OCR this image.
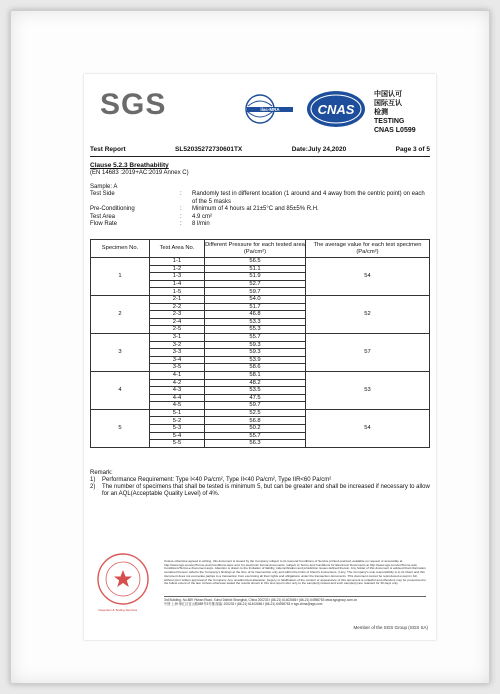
SGS	ilac-MRA	CNAS
中国认可
国际互认
检测
TESTING
CNAS L0599
Test Report	SL52035272730601TX	Date:July 24,2020	Page 3 of 5
Clause 5.2.3 Breathability
(EN 14683 :2019+AC:2019 Annex C)
Sample: A
Test Side	:	Randomly test in different location (1 around and 4 away from the centric point) on each of the 5 masks
Pre-Conditioning	:	Minimum of 4 hours at 21±5°C and 85±5% R.H.
Test Area	:	4.9 cm²
Flow Rate	:	8 l/min
Specimen No.	Test Area No.	Different Pressure for each tested area (Pa/cm²)	The average value for each test specimen (Pa/cm²)
1	1-1	56.5	54
	1-2	51.1	
	1-3	51.9	
	1-4	52.7	
	1-5	59.7	
2	2-1	54.0	52
	2-2	51.7	
	2-3	46.8	
	2-4	53.3	
	2-5	55.3	
3	3-1	55.7	57
	3-2	59.3	
	3-3	59.3	
	3-4	53.9	
	3-5	58.6	
4	4-1	58.1	53
	4-2	48.2	
	4-3	53.5	
	4-4	47.5	
	4-5	59.7	
5	5-1	52.5	54
	5-2	56.8	
	5-3	50.2	
	5-4	55.7	
	5-5	56.3	
Remark:
1)	Performance Requirement: Type I<40 Pa/cm², Type II<40 Pa/cm², Type IIR<60 Pa/cm²
2)	The number of specimens that shall be tested is minimum 5, but can be greater and shall be increased if necessary to allow for an AQL(Acceptable Quality Level) of 4%.
Inspection & Testing Services
Unless otherwise agreed in writing, this document is issued by the Company subject to its General Conditions of Service printed overleaf, available on request or accessible at http://www.sgs.com/en/Terms-and-Conditions.aspx and, for electronic format documents, subject to Terms and Conditions for Electronic Documents at http://www.sgs.com/en/Terms-and-Conditions/Terms-e-Document.aspx. Attention is drawn to the limitation of liability, indemnification and jurisdiction issues defined therein. Any holder of this document is advised that information contained hereon reflects the Company's findings at the time of its intervention only and within the limits of Client's instructions, if any. The Company's sole responsibility is to its Client and this document does not exonerate parties to a transaction from exercising all their rights and obligations under the transaction documents. This document cannot be reproduced except in full, without prior written approval of the Company. Any unauthorized alteration, forgery or falsification of the content or appearance of this document is unlawful and offenders may be prosecuted to the fullest extent of the law. Unless otherwise stated the results shown in this test report refer only to the sample(s) tested and such sample(s) are retained for 30 days only.
3rd Building, No.889 Yishan Road, Xuhui District Shanghai, China 200233 t (86-21) 61402666 f (86-21) 64958763 www.sgsgroup.com.cn
中国·上海·徐汇区宜山路889号3号楼 邮编: 200233 t (86-21) 61402666 f (86-21) 64958763 e sgs.china@sgs.com
Member of the SGS Group (SGS SA)
